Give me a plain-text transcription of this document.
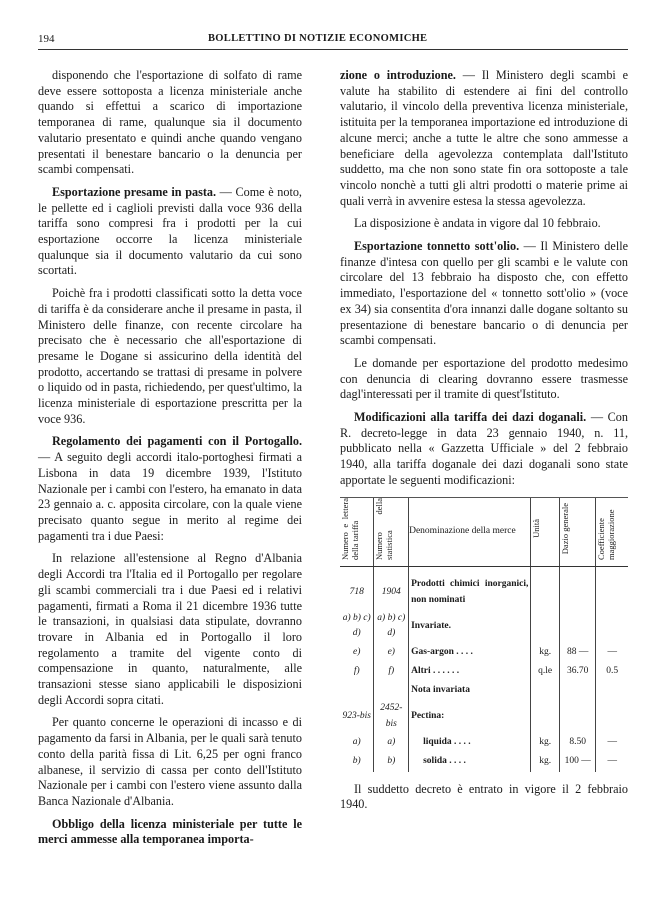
194	BOLLETTINO DI NOTIZIE ECONOMICHE

disponendo che l'esportazione di solfato di rame deve essere sottoposta a licenza ministeriale anche quando si effettui a scarico di importazione temporanea di rame, qualunque sia il documento valutario presentato e quindi anche quando vengano presentati il benestare bancario o la denuncia per scambi compensati.

Esportazione presame in pasta. — Come è noto, le pellette ed i caglioli previsti dalla voce 936 della tariffa sono compresi fra i prodotti per la cui esportazione occorre la licenza ministeriale qualunque sia il documento valutario da cui sono scortati.

Poichè fra i prodotti classificati sotto la detta voce di tariffa è da considerare anche il presame in pasta, il Ministero delle finanze, con recente circolare ha precisato che è necessario che all'esportazione di presame le Dogane si assicurino della identità del prodotto, accertando se trattasi di presame in polvere o liquido od in pasta, richiedendo, per quest'ultimo, la licenza ministeriale di esportazione prescritta per la voce 936.

Regolamento dei pagamenti con il Portogallo. — A seguito degli accordi italo-portoghesi firmati a Lisbona in data 19 dicembre 1939, l'Istituto Nazionale per i cambi con l'estero, ha emanato in data 23 gennaio a. c. apposita circolare, con la quale viene precisato quanto segue in merito al regime dei pagamenti tra i due Paesi:

In relazione all'estensione al Regno d'Albania degli Accordi tra l'Italia ed il Portogallo per regolare gli scambi commerciali tra i due Paesi ed i relativi pagamenti, firmati a Roma il 21 dicembre 1936 tutte le transazioni, in qualsiasi data stipulate, dovranno trovare in Albania ed in Portogallo il loro regolamento a tramite del vigente conto di compensazione in quanto, naturalmente, alle transazioni stesse siano applicabili le disposizioni degli Accordi sopra citati.

Per quanto concerne le operazioni di incasso e di pagamento da farsi in Albania, per le quali sarà tenuto conto della parità fissa di Lit. 6,25 per ogni franco albanese, il servizio di cassa per conto dell'Istituto Nazionale per i cambi con l'estero viene assunto dalla Banca Nazionale d'Albania.

Obbligo della licenza ministeriale per tutte le merci ammesse alla temporanea importa-

zione o introduzione. — Il Ministero degli scambi e valute ha stabilito di estendere ai fini del controllo valutario, il vincolo della preventiva licenza ministeriale, istituita per la temporanea importazione ed introduzione di alcune merci; anche a tutte le altre che sono ammesse a beneficiare della agevolezza contemplata dall'Istituto suddetto, ma che non sono state fin ora sottoposte a tale vincolo nonchè a tutti gli altri prodotti o materie prime ai quali verrà in avvenire estesa la stessa agevolezza.

La disposizione è andata in vigore dal 10 febbraio.

Esportazione tonnetto sott'olio. — Il Ministero delle finanze d'intesa con quello per gli scambi e le valute con circolare del 13 febbraio ha disposto che, con effetto immediato, l'esportazione del « tonnetto sott'olio » (voce ex 34) sia consentita d'ora innanzi dalle dogane soltanto su presentazione di benestare bancario o di denuncia per scambi compensati.

Le domande per esportazione del prodotto medesimo con denuncia di clearing dovranno essere trasmesse dagl'interessati per il tramite di quest'Istituto.

Modificazioni alla tariffa dei dazi doganali. — Con R. decreto-legge in data 23 gennaio 1940, n. 11, pubblicato nella « Gazzetta Ufficiale » del 2 febbraio 1940, alla tariffa doganale dei dazi doganali sono state apportate le seguenti modificazioni:

Numero e lettera della tariffa	Numero della statistica	Denominazione della merce	Unità	Dazio generale	Coefficiente maggiorazione
718	1904	Prodotti chimici inorganici, non nominati			
a) b) c) d)	a) b) c) d)	Invariate.			
e)	e)	Gas-argon . . . .	kg.	88 —	—
f)	f)	Altri . . . . . .	q.le	36.70	0.5
		Nota invariata			
923-bis	2452-bis	Pectina:			
a)	a)	liquida . . . .	kg.	8.50	—
b)	b)	solida . . . .	kg.	100 —	—

Il suddetto decreto è entrato in vigore il 2 febbraio 1940.
